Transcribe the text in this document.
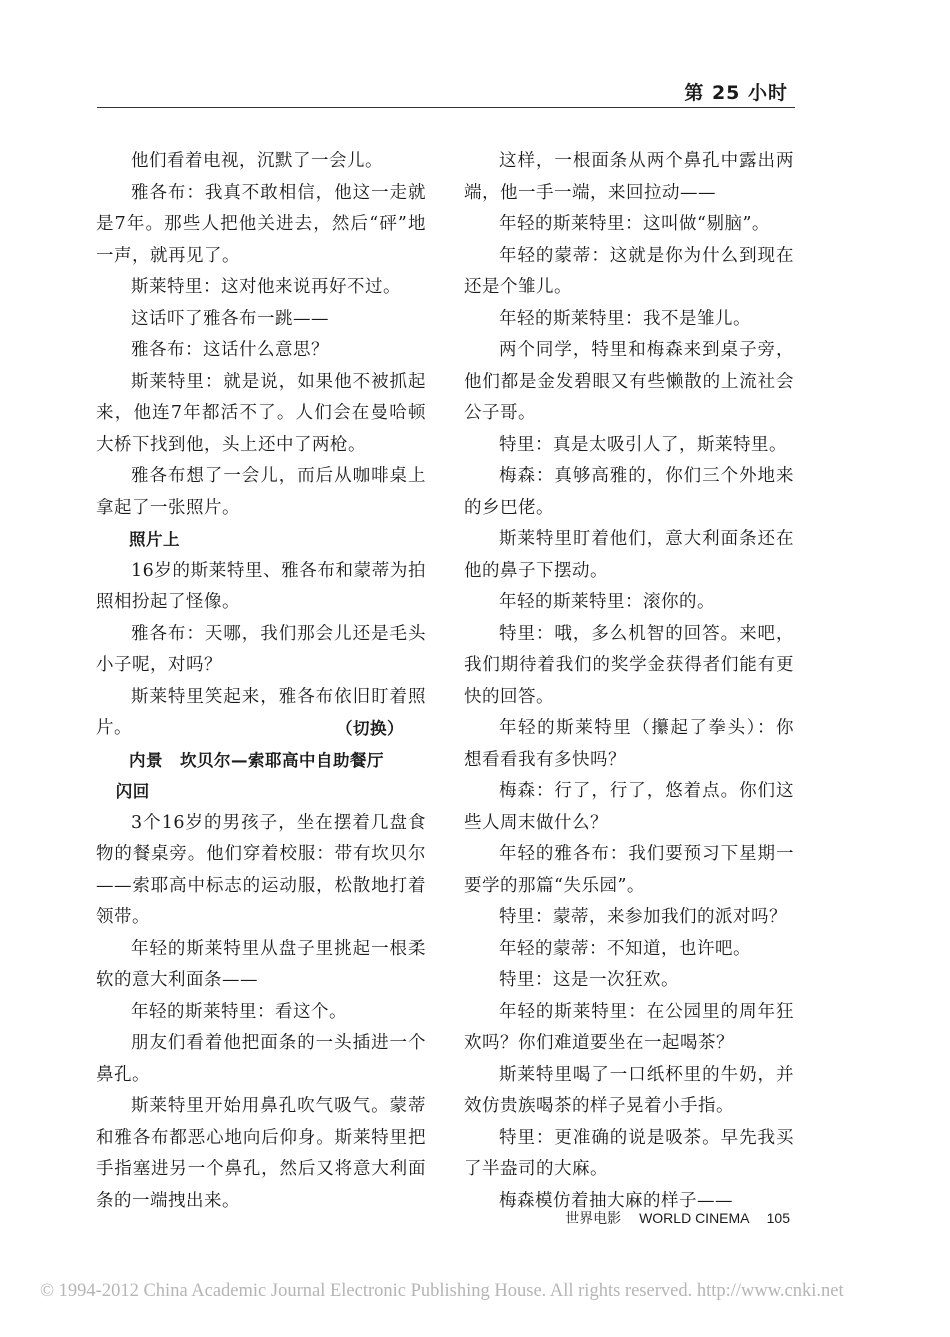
第 25 小时

他们看着电视，沉默了一会儿。

雅各布：我真不敢相信，他这一走就是7年。那些人把他关进去，然后“砰”地一声，就再见了。

斯莱特里：这对他来说再好不过。

这话吓了雅各布一跳——

雅各布：这话什么意思？

斯莱特里：就是说，如果他不被抓起来，他连7年都活不了。人们会在曼哈顿大桥下找到他，头上还中了两枪。

雅各布想了一会儿，而后从咖啡桌上拿起了一张照片。

照片上

16岁的斯莱特里、雅各布和蒙蒂为拍照相扮起了怪像。

雅各布：天哪，我们那会儿还是毛头小子呢，对吗？

斯莱特里笑起来，雅各布依旧盯着照片。	（切换）

内景　坎贝尔—索耶高中自助餐厅

闪回

3个16岁的男孩子，坐在摆着几盘食物的餐桌旁。他们穿着校服：带有坎贝尔——索耶高中标志的运动服，松散地打着领带。

年轻的斯莱特里从盘子里挑起一根柔软的意大利面条——

年轻的斯莱特里：看这个。

朋友们看着他把面条的一头插进一个鼻孔。

斯莱特里开始用鼻孔吹气吸气。蒙蒂和雅各布都恶心地向后仰身。斯莱特里把手指塞进另一个鼻孔，然后又将意大利面条的一端拽出来。

这样，一根面条从两个鼻孔中露出两端，他一手一端，来回拉动——

年轻的斯莱特里：这叫做“剔脑”。

年轻的蒙蒂：这就是你为什么到现在还是个雏儿。

年轻的斯莱特里：我不是雏儿。

两个同学，特里和梅森来到桌子旁，他们都是金发碧眼又有些懒散的上流社会公子哥。

特里：真是太吸引人了，斯莱特里。

梅森：真够高雅的，你们三个外地来的乡巴佬。

斯莱特里盯着他们，意大利面条还在他的鼻子下摆动。

年轻的斯莱特里：滚你的。

特里：哦，多么机智的回答。来吧，我们期待着我们的奖学金获得者们能有更快的回答。

年轻的斯莱特里（攥起了拳头）：你想看看我有多快吗？

梅森：行了，行了，悠着点。你们这些人周末做什么？

年轻的雅各布：我们要预习下星期一要学的那篇“失乐园”。

特里：蒙蒂，来参加我们的派对吗？

年轻的蒙蒂：不知道，也许吧。

特里：这是一次狂欢。

年轻的斯莱特里：在公园里的周年狂欢吗？你们难道要坐在一起喝茶？

斯莱特里喝了一口纸杯里的牛奶，并效仿贵族喝茶的样子晃着小手指。

特里：更准确的说是吸茶。早先我买了半盎司的大麻。

梅森模仿着抽大麻的样子——

世界电影 WORLD CINEMA 105
© 1994-2012 China Academic Journal Electronic Publishing House. All rights reserved. http://www.cnki.net
